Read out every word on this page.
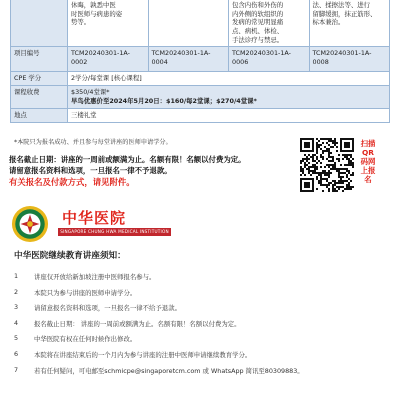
	休晦，孰悉中医
时医师与病患的姿
势等。		包含内伤和外伤的
内外侧的软组织的
发病的常见明显痛
点、病机、体检、
手法诊疗与禁忌。	法、揉擦法等、进行
留脚缓拥，抹正筋形、
标本兼治。
项目编号	TCM20240301-1A-0002	TCM20240301-1A-0004	TCM20240301-1A-0006	TCM20240301-1A-0008
CPE 学分	2学分/每堂课 [核心课程]			
课程收费	$350/4堂课*
早鸟优惠价至2024年5月20日：$160/每2堂课；$270/4堂课*			

地点	三楼礼堂			
*本院只为报名成功、并且参与每堂讲座的医师申请学分。
报名截止日期：讲座的一周前或额满为止。名额有限！名额以付费为定。
请留意报名资料和选项，一旦报名一律不予退款。
有关报名及付款方式，请见附件。
扫描QR码网上报名
中华医院
SINGAPORE CHUNG HWA MEDICAL INSTITUTION
中华医院继续教育讲座须知：
1	讲座仅开放给新加坡注册中医师报名参与。
2	本院只为参与讲座的医师申请学分。
3	请留意报名资料和选项，一旦报名一律不给予退款。
4	报名截止日期： 讲座的一周前或额满为止。名额有限！名额以付费为定。
5	中华医院有权在任何时候作出修改。
6	本院将在讲座结束后的一个月内为参与讲座的注册中医师申请继续教育学分。
7	若有任何疑问，可电邮至schmicpe@singaporetcm.com 或 WhatsApp 简讯至80309883。
